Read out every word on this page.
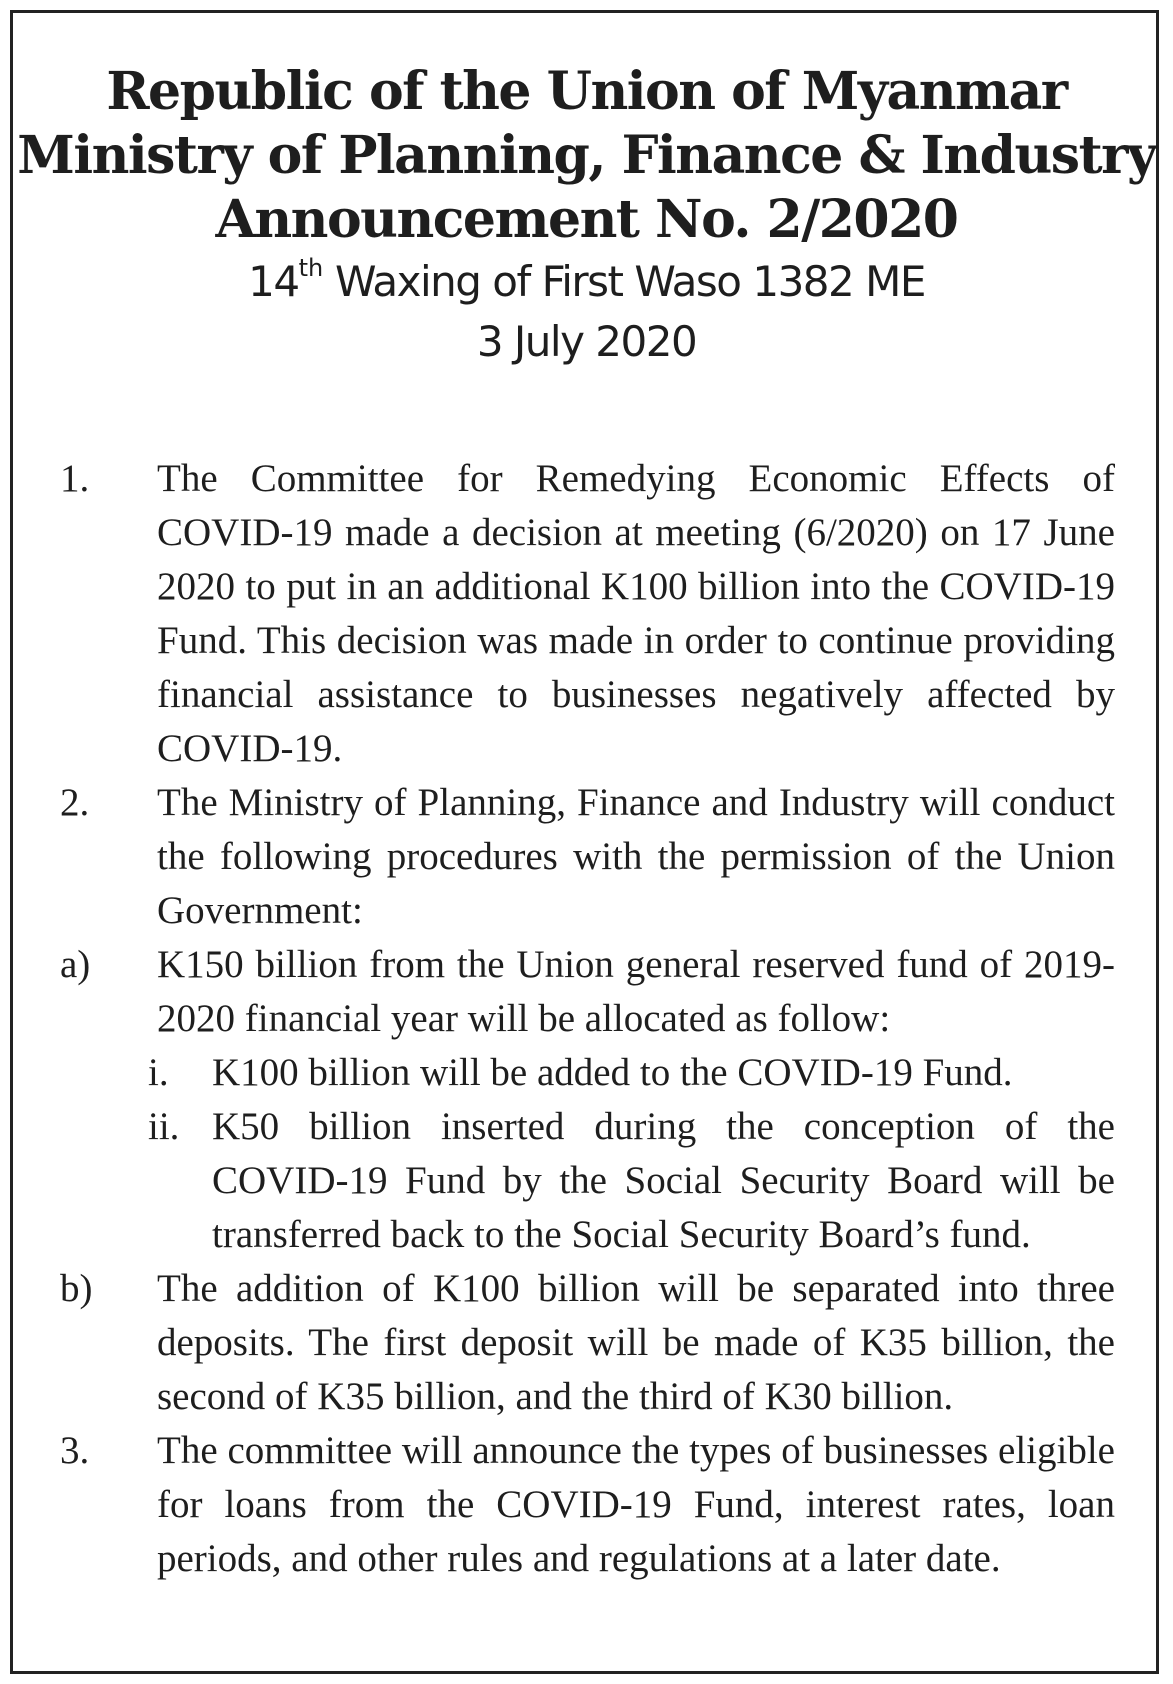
Republic of the Union of Myanmar
Ministry of Planning, Finance & Industry
Announcement No. 2/2020
14th Waxing of First Waso 1382 ME
3 July 2020
1. The Committee for Remedying Economic Effects of COVID-19 made a decision at meeting (6/2020) on 17 June 2020 to put in an additional K100 billion into the COVID-19 Fund. This decision was made in order to continue providing financial assistance to businesses negatively affected by COVID-19.
2. The Ministry of Planning, Finance and Industry will conduct the following procedures with the permission of the Union Government:
a) K150 billion from the Union general reserved fund of 2019-2020 financial year will be allocated as follow:
i. K100 billion will be added to the COVID-19 Fund.
ii. K50 billion inserted during the conception of the COVID-19 Fund by the Social Security Board will be transferred back to the Social Security Board’s fund.
b) The addition of K100 billion will be separated into three deposits. The first deposit will be made of K35 billion, the second of K35 billion, and the third of K30 billion.
3. The committee will announce the types of businesses eligible for loans from the COVID-19 Fund, interest rates, loan periods, and other rules and regulations at a later date.
